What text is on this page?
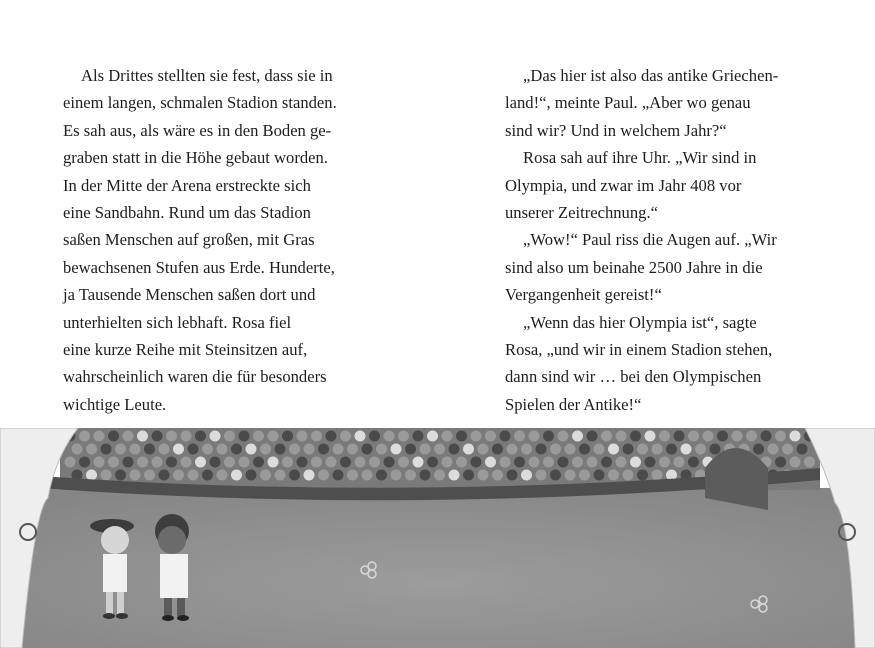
Als Drittes stellten sie fest, dass sie in
einem langen, schmalen Stadion standen.
Es sah aus, als wäre es in den Boden ge-
graben statt in die Höhe gebaut worden.
In der Mitte der Arena erstreckte sich
eine Sandbahn. Rund um das Stadion
saßen Menschen auf großen, mit Gras
bewachsenen Stufen aus Erde. Hunderte,
ja Tausende Menschen saßen dort und
unterhielten sich lebhaft. Rosa fiel
eine kurze Reihe mit Steinsitzen auf,
wahrscheinlich waren die für besonders
wichtige Leute.

„Das hier ist also das antike Griechen-
land!“, meinte Paul. „Aber wo genau
sind wir? Und in welchem Jahr?“

Rosa sah auf ihre Uhr. „Wir sind in
Olympia, und zwar im Jahr 408 vor
unserer Zeitrechnung.“

„Wow!“ Paul riss die Augen auf. „Wir
sind also um beinahe 2500 Jahre in die
Vergangenheit gereist!“

„Wenn das hier Olympia ist“, sagte
Rosa, „und wir in einem Stadion stehen,
dann sind wir … bei den Olympischen
Spielen der Antike!“
